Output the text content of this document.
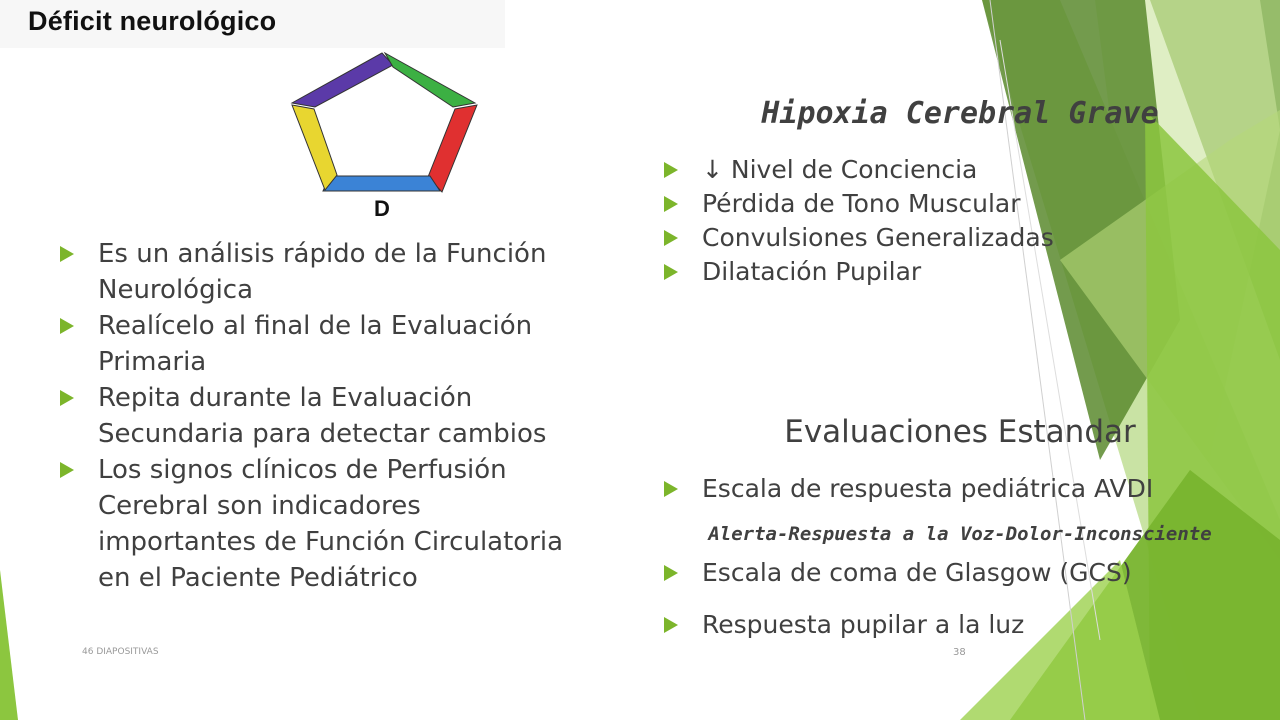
Déficit neurológico
D
Es un análisis rápido de la Función Neurológica
Realícelo al final de la Evaluación Primaria
Repita durante la Evaluación Secundaria para detectar cambios
Los signos clínicos de Perfusión Cerebral son indicadores importantes de Función Circulatoria en el Paciente Pediátrico
Hipoxia Cerebral Grave
↓ Nivel de Conciencia
Pérdida de Tono Muscular
Convulsiones Generalizadas
Dilatación Pupilar
Evaluaciones Estandar
Escala de respuesta pediátrica AVDI
Escala de coma de Glasgow (GCS)
Respuesta pupilar a la luz
Alerta-Respuesta a la Voz-Dolor-Inconsciente
46 DIAPOSITIVAS	38
